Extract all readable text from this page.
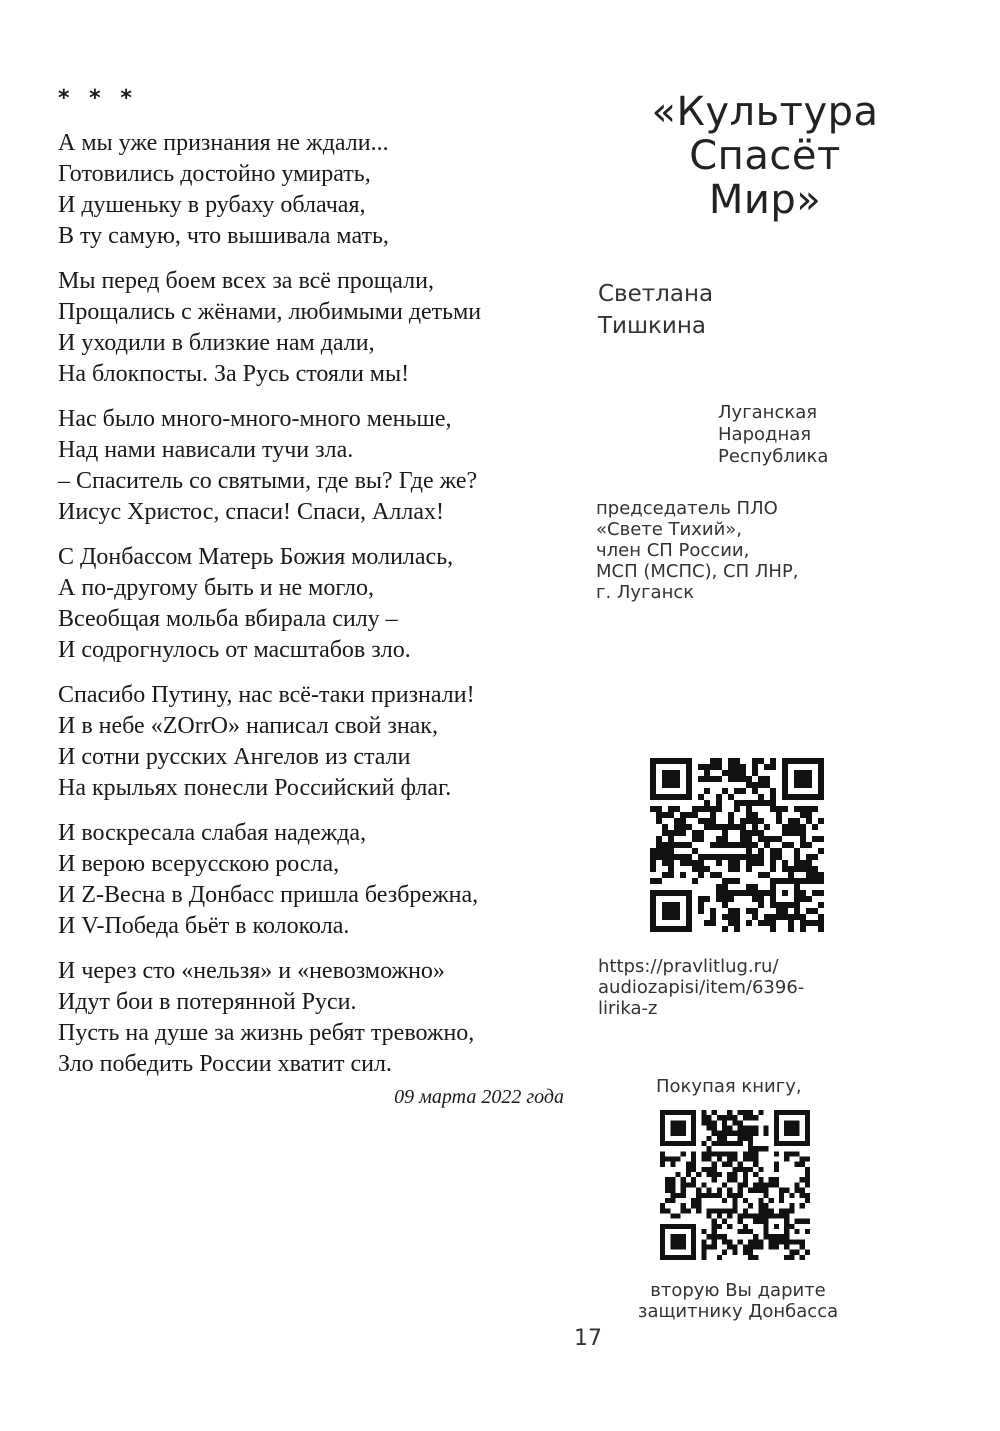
* * *
А мы уже признания не ждали...
Готовились достойно умирать,
И душеньку в рубаху облачая,
В ту самую, что вышивала мать,
Мы перед боем всех за всё прощали,
Прощались с жёнами, любимыми детьми
И уходили в близкие нам дали,
На блокпосты. За Русь стояли мы!
Нас было много-много-много меньше,
Над нами нависали тучи зла.
– Спаситель со святыми, где вы? Где же?
Иисус Христос, спаси! Спаси, Аллах!
С Донбассом Матерь Божия молилась,
А по-другому быть и не могло,
Всеобщая мольба вбирала силу –
И содрогнулось от масштабов зло.
Спасибо Путину, нас всё-таки признали!
И в небе «ZOrrO» написал свой знак,
И сотни русских Ангелов из стали
На крыльях понесли Российский флаг.
И воскресала слабая надежда,
И верою всерусскою росла,
И Z-Весна в Донбасс пришла безбрежна,
И V-Победа бьёт в колокола.
И через сто «нельзя» и «невозможно»
Идут бои в потерянной Руси.
Пусть на душе за жизнь ребят тревожно,
Зло победить России хватит сил.
09 марта 2022 года
«Культура
Спасёт
Мир»
Светлана
Тишкина
Луганская
Народная
Республика
председатель ПЛО
«Свете Тихий»,
член СП России,
МСП (МСПС), СП ЛНР,
г. Луганск
https://pravlitlug.ru/
audiozapisi/item/6396-
lirika-z
Покупая книгу,
вторую Вы дарите
защитнику Донбасса
17
